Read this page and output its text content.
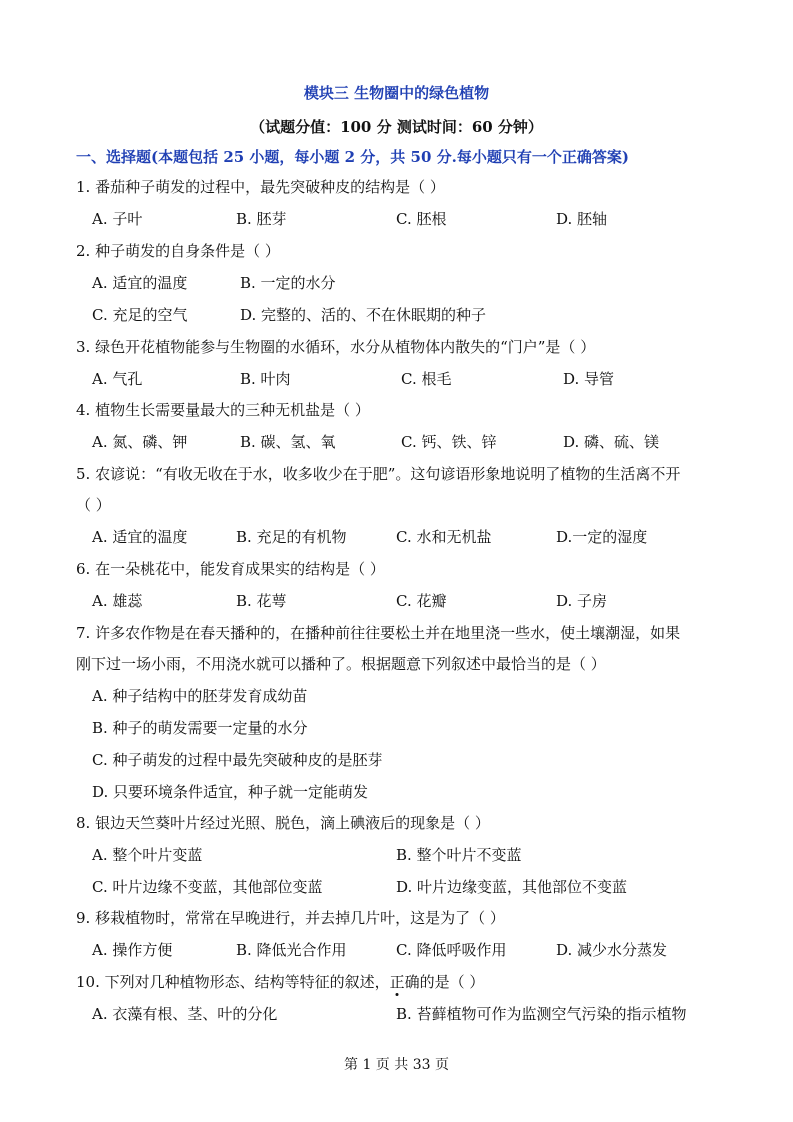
模块三 生物圈中的绿色植物
（试题分值：100 分 测试时间：60 分钟）
一、选择题(本题包括 25 小题，每小题 2 分，共 50 分.每小题只有一个正确答案)
1. 番茄种子萌发的过程中，最先突破种皮的结构是（ ）
A. 子叶	B. 胚芽	C. 胚根	D. 胚轴
2. 种子萌发的自身条件是（ ）
A. 适宜的温度	B. 一定的水分
C. 充足的空气	D. 完整的、活的、不在休眠期的种子
3. 绿色开花植物能参与生物圈的水循环，水分从植物体内散失的“门户”是（ ）
A. 气孔	B. 叶肉	C. 根毛	D. 导管
4. 植物生长需要量最大的三种无机盐是（ ）
A. 氮、磷、钾	B. 碳、氢、氧	C. 钙、铁、锌	D. 磷、硫、镁
5. 农谚说：“有收无收在于水，收多收少在于肥”。这句谚语形象地说明了植物的生活离不开
（ ）
A. 适宜的温度	B. 充足的有机物	C. 水和无机盐	D.一定的湿度
6. 在一朵桃花中，能发育成果实的结构是（ ）
A. 雄蕊	B. 花萼	C. 花瓣	D. 子房
7. 许多农作物是在春天播种的，在播种前往往要松土并在地里浇一些水，使土壤潮湿，如果
刚下过一场小雨，不用浇水就可以播种了。根据题意下列叙述中最恰当的是（ ）
A. 种子结构中的胚芽发育成幼苗
B. 种子的萌发需要一定量的水分
C. 种子萌发的过程中最先突破种皮的是胚芽
D. 只要环境条件适宜，种子就一定能萌发
8. 银边天竺葵叶片经过光照、脱色，滴上碘液后的现象是（ ）
A. 整个叶片变蓝	B. 整个叶片不变蓝
C. 叶片边缘不变蓝，其他部位变蓝	D. 叶片边缘变蓝，其他部位不变蓝
9. 移栽植物时，常常在早晚进行，并去掉几片叶，这是为了（ ）
A. 操作方便	B. 降低光合作用	C. 降低呼吸作用	D. 减少水分蒸发
10. 下列对几种植物形态、结构等特征的叙述，正确的是（ ）
A. 衣藻有根、茎、叶的分化	B. 苔藓植物可作为监测空气污染的指示植物
第 1 页 共 33 页
